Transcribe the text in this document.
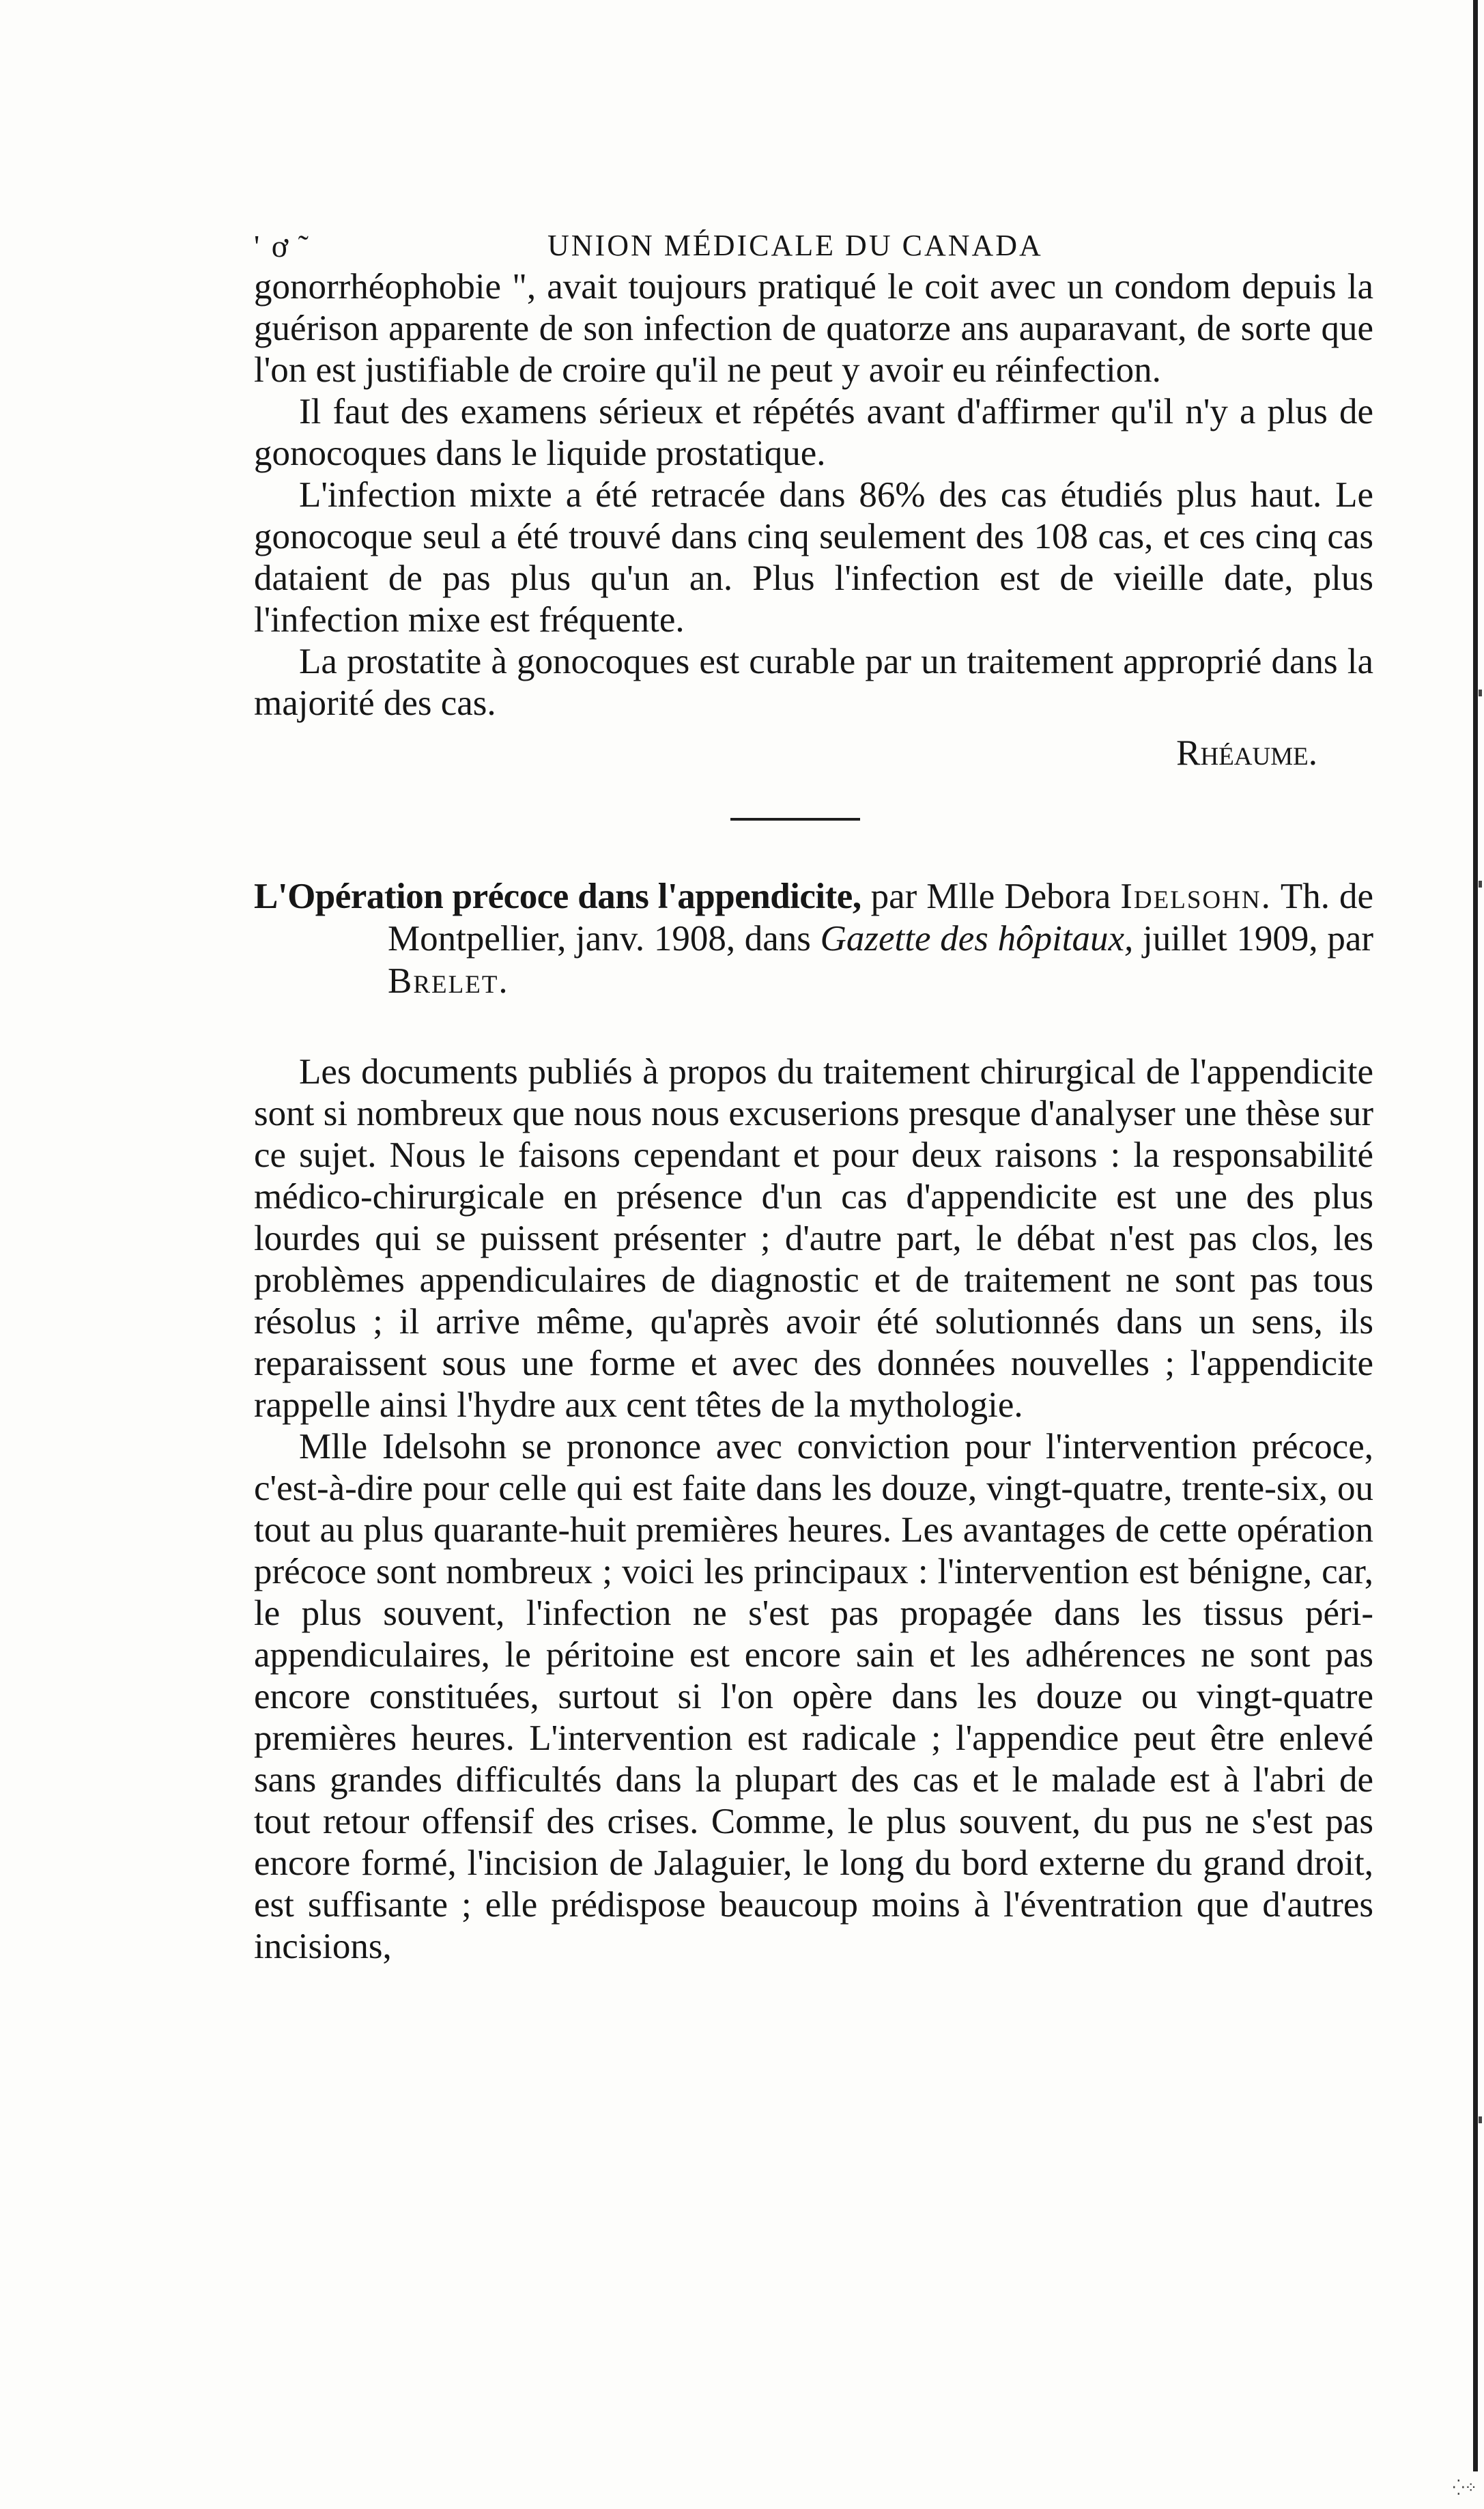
⁛⁘
' ơ ̃	UNION MÉDICALE DU CANADA

gonorrhéophobie ", avait toujours pratiqué le coit avec un condom depuis la guérison apparente de son infection de quatorze ans auparavant, de sorte que l'on est justifiable de croire qu'il ne peut y avoir eu réinfection.

Il faut des examens sérieux et répétés avant d'affirmer qu'il n'y a plus de gonocoques dans le liquide prostatique.

L'infection mixte a été retracée dans 86% des cas étudiés plus haut. Le gonocoque seul a été trouvé dans cinq seulement des 108 cas, et ces cinq cas dataient de pas plus qu'un an. Plus l'infection est de vieille date, plus l'infection mixe est fréquente.

La prostatite à gonocoques est curable par un traitement approprié dans la majorité des cas.

Rhéaume.
L'Opération précoce dans l'appendicite, par Mlle Debora Idelsohn. Th. de Montpellier, janv. 1908, dans Gazette des hôpitaux, juillet 1909, par Brelet.

Les documents publiés à propos du traitement chirurgical de l'appendicite sont si nombreux que nous nous excuserions presque d'analyser une thèse sur ce sujet. Nous le faisons cependant et pour deux raisons : la responsabilité médico-chirurgicale en présence d'un cas d'appendicite est une des plus lourdes qui se puissent présenter ; d'autre part, le débat n'est pas clos, les problèmes appendiculaires de diagnostic et de traitement ne sont pas tous résolus ; il arrive même, qu'après avoir été solutionnés dans un sens, ils reparaissent sous une forme et avec des données nouvelles ; l'appendicite rappelle ainsi l'hydre aux cent têtes de la mythologie.

Mlle Idelsohn se prononce avec conviction pour l'intervention précoce, c'est-à-dire pour celle qui est faite dans les douze, vingt-quatre, trente-six, ou tout au plus quarante-huit premières heures. Les avantages de cette opération précoce sont nombreux ; voici les principaux : l'intervention est bénigne, car, le plus souvent, l'infection ne s'est pas propagée dans les tissus péri-appendiculaires, le péritoine est encore sain et les adhérences ne sont pas encore constituées, surtout si l'on opère dans les douze ou vingt-quatre premières heures. L'intervention est radicale ; l'appendice peut être enlevé sans grandes difficultés dans la plupart des cas et le malade est à l'abri de tout retour offensif des crises. Comme, le plus souvent, du pus ne s'est pas encore formé, l'incision de Jalaguier, le long du bord externe du grand droit, est suffisante ; elle prédispose beaucoup moins à l'éventration que d'autres incisions,
